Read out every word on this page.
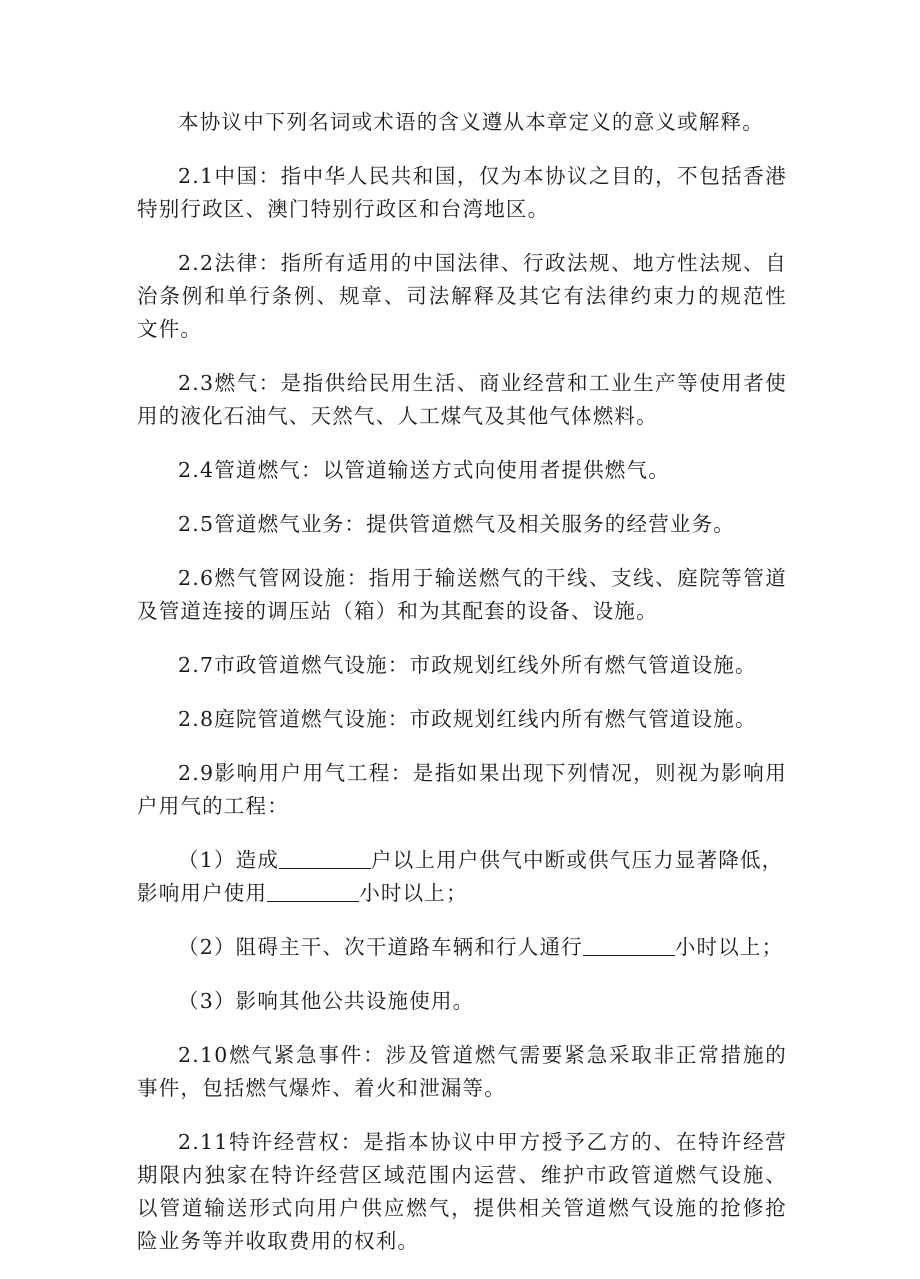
本协议中下列名词或术语的含义遵从本章定义的意义或解释。

2.1中国：指中华人民共和国，仅为本协议之目的，不包括香港特别行政区、澳门特别行政区和台湾地区。

2.2法律：指所有适用的中国法律、行政法规、地方性法规、自治条例和单行条例、规章、司法解释及其它有法律约束力的规范性文件。

2.3燃气：是指供给民用生活、商业经营和工业生产等使用者使用的液化石油气、天然气、人工煤气及其他气体燃料。

2.4管道燃气：以管道输送方式向使用者提供燃气。

2.5管道燃气业务：提供管道燃气及相关服务的经营业务。

2.6燃气管网设施：指用于输送燃气的干线、支线、庭院等管道及管道连接的调压站（箱）和为其配套的设备、设施。

2.7市政管道燃气设施：市政规划红线外所有燃气管道设施。

2.8庭院管道燃气设施：市政规划红线内所有燃气管道设施。

2.9影响用户用气工程：是指如果出现下列情况，则视为影响用户用气的工程：

（1）造成	户以上用户供气中断或供气压力显著降低，影响用户使用	小时以上；

（2）阻碍主干、次干道路车辆和行人通行	小时以上；

（3）影响其他公共设施使用。

2.10燃气紧急事件：涉及管道燃气需要紧急采取非正常措施的事件，包括燃气爆炸、着火和泄漏等。

2.11特许经营权：是指本协议中甲方授予乙方的、在特许经营期限内独家在特许经营区域范围内运营、维护市政管道燃气设施、以管道输送形式向用户供应燃气，提供相关管道燃气设施的抢修抢险业务等并收取费用的权利。
